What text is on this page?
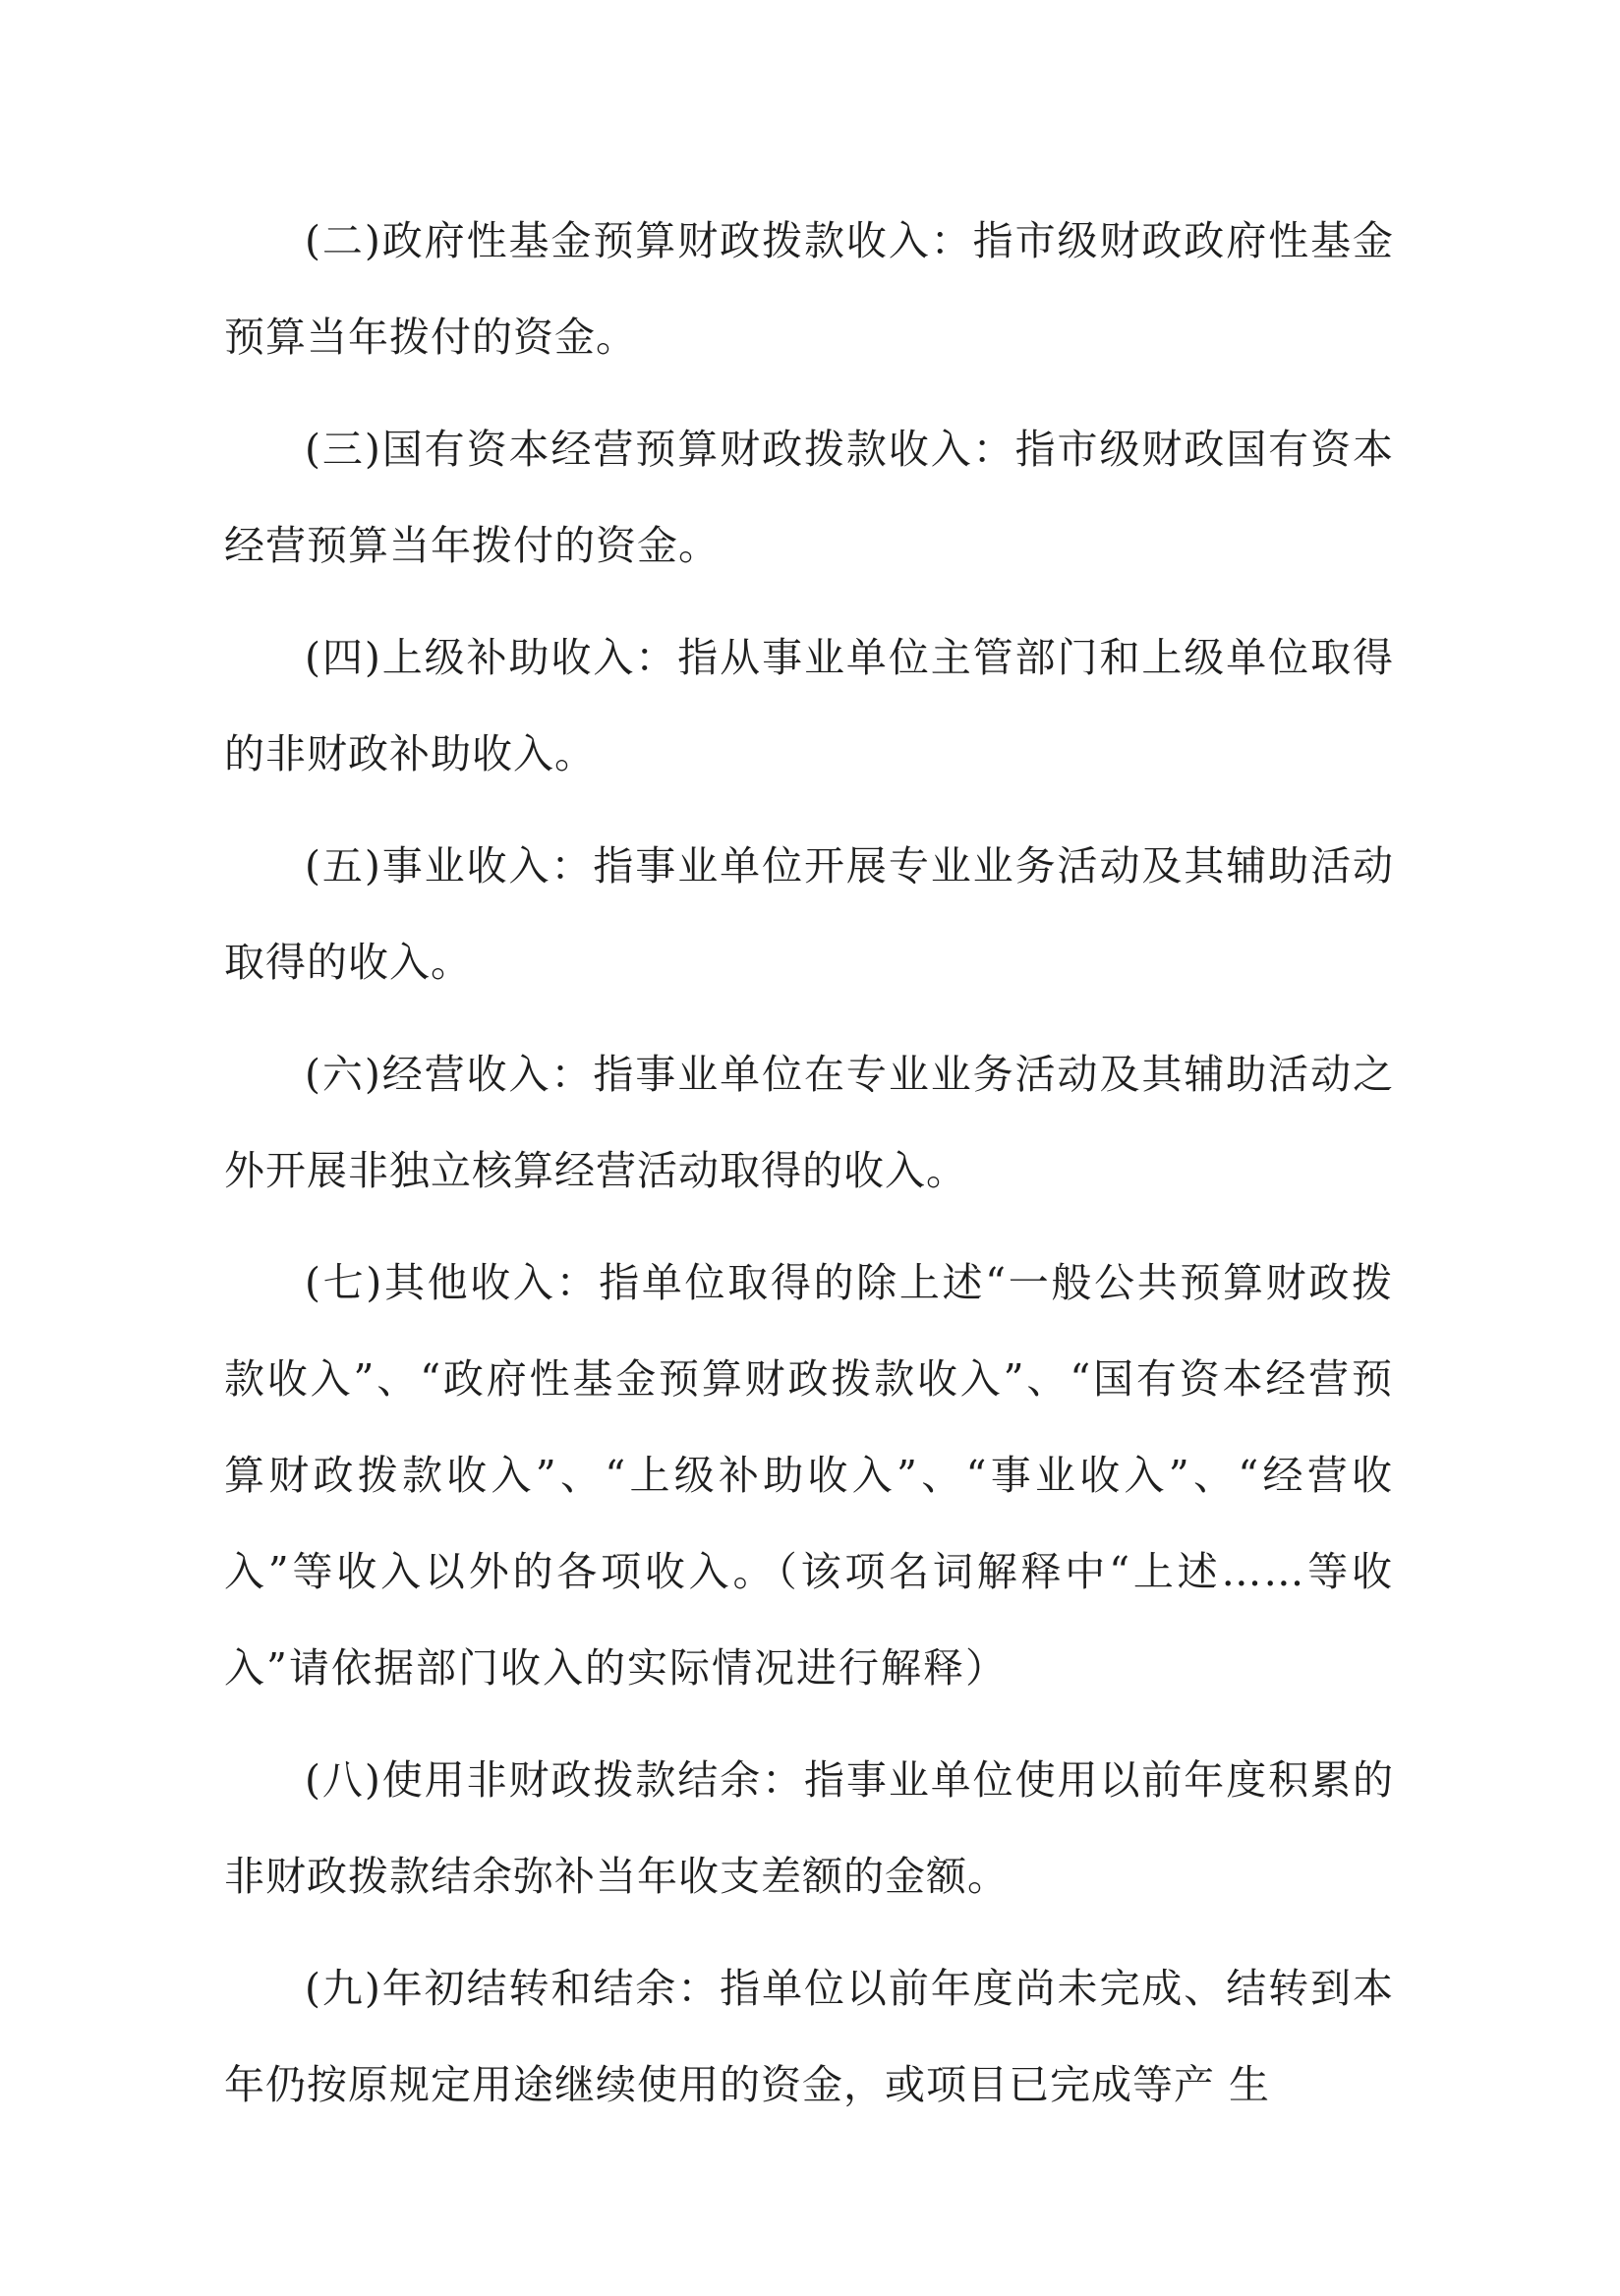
(二)政府性基金预算财政拨款收入：指市级财政政府性基金预算当年拨付的资金。

(三)国有资本经营预算财政拨款收入：指市级财政国有资本经营预算当年拨付的资金。

(四)上级补助收入：指从事业单位主管部门和上级单位取得的非财政补助收入。

(五)事业收入：指事业单位开展专业业务活动及其辅助活动取得的收入。

(六)经营收入：指事业单位在专业业务活动及其辅助活动之外开展非独立核算经营活动取得的收入。

(七)其他收入：指单位取得的除上述“一般公共预算财政拨款收入”、“政府性基金预算财政拨款收入”、“国有资本经营预算财政拨款收入”、“上级补助收入”、“事业收入”、“经营收入”等收入以外的各项收入。（该项名词解释中“上述……等收入”请依据部门收入的实际情况进行解释）

(八)使用非财政拨款结余：指事业单位使用以前年度积累的非财政拨款结余弥补当年收支差额的金额。

(九)年初结转和结余：指单位以前年度尚未完成、结转到本年仍按原规定用途继续使用的资金，或项目已完成等产 生
